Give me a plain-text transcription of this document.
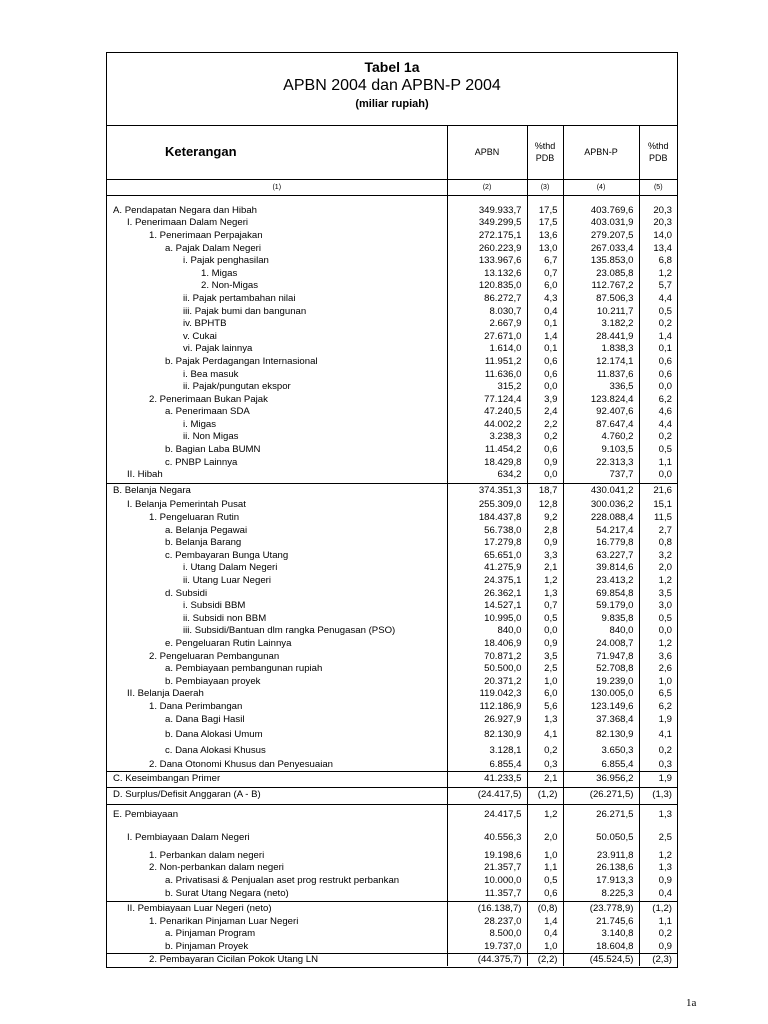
Tabel 1a
APBN 2004 dan APBN-P 2004
(miliar rupiah)
Keterangan	APBN	%thd PDB	APBN-P	%thd PDB
(1)	(2)	(3)	(4)	(5)

A. Pendapatan Negara dan Hibah	349.933,7	17,5	403.769,6	20,3
I. Penerimaan Dalam Negeri	349.299,5	17,5	403.031,9	20,3
1. Penerimaan Perpajakan	272.175,1	13,6	279.207,5	14,0
a. Pajak Dalam Negeri	260.223,9	13,0	267.033,4	13,4
i. Pajak penghasilan	133.967,6	6,7	135.853,0	6,8
1. Migas	13.132,6	0,7	23.085,8	1,2
2. Non-Migas	120.835,0	6,0	112.767,2	5,7
ii. Pajak pertambahan nilai	86.272,7	4,3	87.506,3	4,4
iii. Pajak bumi dan bangunan	8.030,7	0,4	10.211,7	0,5
iv. BPHTB	2.667,9	0,1	3.182,2	0,2
v. Cukai	27.671,0	1,4	28.441,9	1,4
vi. Pajak lainnya	1.614,0	0,1	1.838,3	0,1
b. Pajak Perdagangan Internasional	11.951,2	0,6	12.174,1	0,6
i. Bea masuk	11.636,0	0,6	11.837,6	0,6
ii. Pajak/pungutan ekspor	315,2	0,0	336,5	0,0
2. Penerimaan Bukan Pajak	77.124,4	3,9	123.824,4	6,2
a. Penerimaan SDA	47.240,5	2,4	92.407,6	4,6
i. Migas	44.002,2	2,2	87.647,4	4,4
ii. Non Migas	3.238,3	0,2	4.760,2	0,2
b. Bagian Laba BUMN	11.454,2	0,6	9.103,5	0,5
c. PNBP Lainnya	18.429,8	0,9	22.313,3	1,1
II. Hibah	634,2	0,0	737,7	0,0

B. Belanja Negara	374.351,3	18,7	430.041,2	21,6

I. Belanja Pemerintah Pusat	255.309,0	12,8	300.036,2	15,1
1. Pengeluaran Rutin	184.437,8	9,2	228.088,4	11,5
a. Belanja Pegawai	56.738,0	2,8	54.217,4	2,7
b. Belanja Barang	17.279,8	0,9	16.779,8	0,8
c. Pembayaran Bunga Utang	65.651,0	3,3	63.227,7	3,2
i. Utang Dalam Negeri	41.275,9	2,1	39.814,6	2,0
ii. Utang Luar Negeri	24.375,1	1,2	23.413,2	1,2
d. Subsidi	26.362,1	1,3	69.854,8	3,5
i. Subsidi BBM	14.527,1	0,7	59.179,0	3,0
ii. Subsidi non BBM	10.995,0	0,5	9.835,8	0,5
iii. Subsidi/Bantuan dlm rangka Penugasan (PSO)	840,0	0,0	840,0	0,0
e. Pengeluaran Rutin Lainnya	18.406,9	0,9	24.008,7	1,2
2. Pengeluaran Pembangunan	70.871,2	3,5	71.947,8	3,6
a. Pembiayaan pembangunan rupiah	50.500,0	2,5	52.708,8	2,6
b. Pembiayaan proyek	20.371,2	1,0	19.239,0	1,0
II. Belanja Daerah	119.042,3	6,0	130.005,0	6,5
1. Dana Perimbangan	112.186,9	5,6	123.149,6	6,2
a. Dana Bagi Hasil	26.927,9	1,3	37.368,4	1,9
b. Dana Alokasi Umum	82.130,9	4,1	82.130,9	4,1
c. Dana Alokasi Khusus	3.128,1	0,2	3.650,3	0,2
2. Dana Otonomi Khusus dan Penyesuaian	6.855,4	0,3	6.855,4	0,3
C. Keseimbangan Primer	41.233,5	2,1	36.956,2	1,9

D. Surplus/Defisit Anggaran (A - B)	(24.417,5)	(1,2)	(26.271,5)	(1,3)

E. Pembiayaan	24.417,5	1,2	26.271,5	1,3

I. Pembiayaan Dalam Negeri	40.556,3	2,0	50.050,5	2,5

1. Perbankan dalam negeri	19.198,6	1,0	23.911,8	1,2
2. Non-perbankan dalam negeri	21.357,7	1,1	26.138,6	1,3
a. Privatisasi & Penjualan aset prog restrukt perbankan	10.000,0	0,5	17.913,3	0,9
b. Surat Utang Negara (neto)	11.357,7	0,6	8.225,3	0,4

II. Pembiayaan Luar Negeri (neto)	(16.138,7)	(0,8)	(23.778,9)	(1,2)
1. Penarikan Pinjaman Luar Negeri	28.237,0	1,4	21.745,6	1,1
a. Pinjaman Program	8.500,0	0,4	3.140,8	0,2
b. Pinjaman Proyek	19.737,0	1,0	18.604,8	0,9
2. Pembayaran Cicilan Pokok Utang LN	(44.375,7)	(2,2)	(45.524,5)	(2,3)
1a
